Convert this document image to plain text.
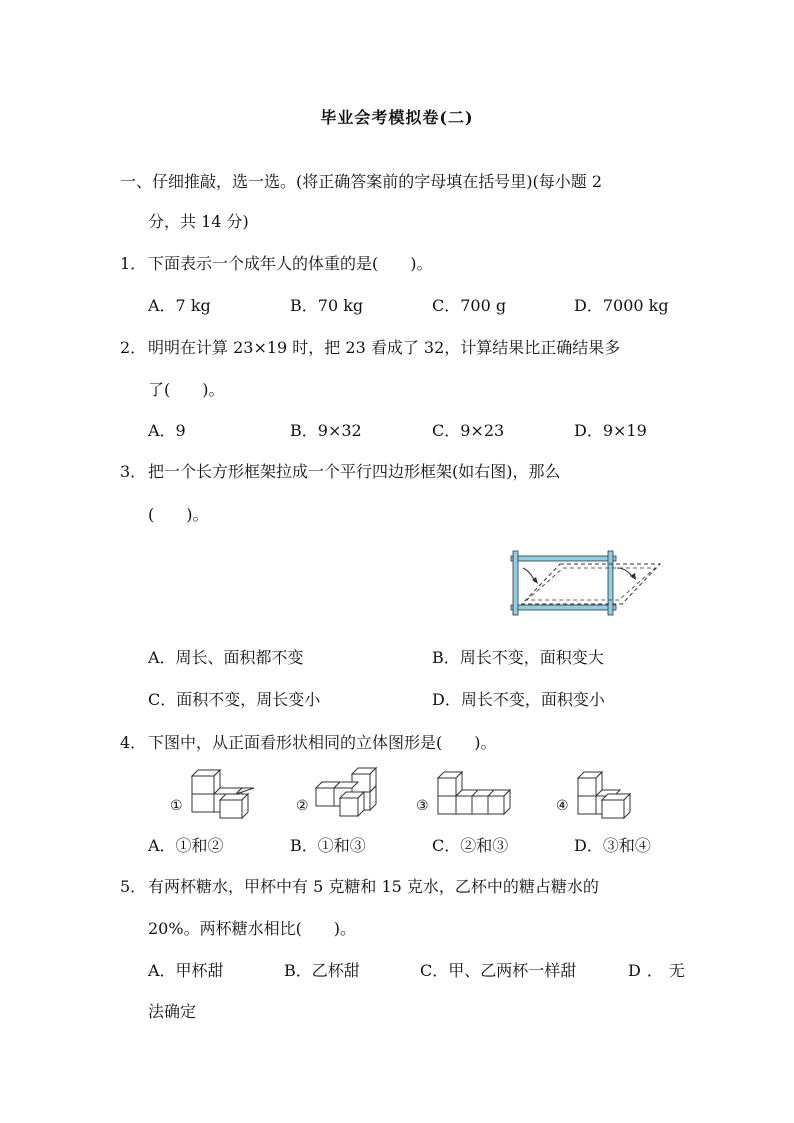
毕业会考模拟卷(二)
一、仔细推敲，选一选。(将正确答案前的字母填在括号里)(每小题 2
分，共 14 分)
1． 下面表示一个成年人的体重的是(　　)。
A．7 kg	B．70 kg	C．700 g	D．7000 kg
2． 明明在计算 23×19 时，把 23 看成了 32，计算结果比正确结果多
了(　　)。
A．9	B．9×32	C．9×23	D．9×19
3． 把一个长方形框架拉成一个平行四边形框架(如右图)，那么
(　　)。
A．周长、面积都不变	B．周长不变，面积变大
C．面积不变，周长变小	D．周长不变，面积变小
4． 下图中，从正面看形状相同的立体图形是(　　)。
①	②	③	④
A．①和②	B．①和③	C．②和③	D．③和④
5． 有两杯糖水，甲杯中有 5 克糖和 15 克水，乙杯中的糖占糖水的
20%。两杯糖水相比(　　)。
A．甲杯甜	B．乙杯甜	C．甲、乙两杯一样甜	D．无
法确定
